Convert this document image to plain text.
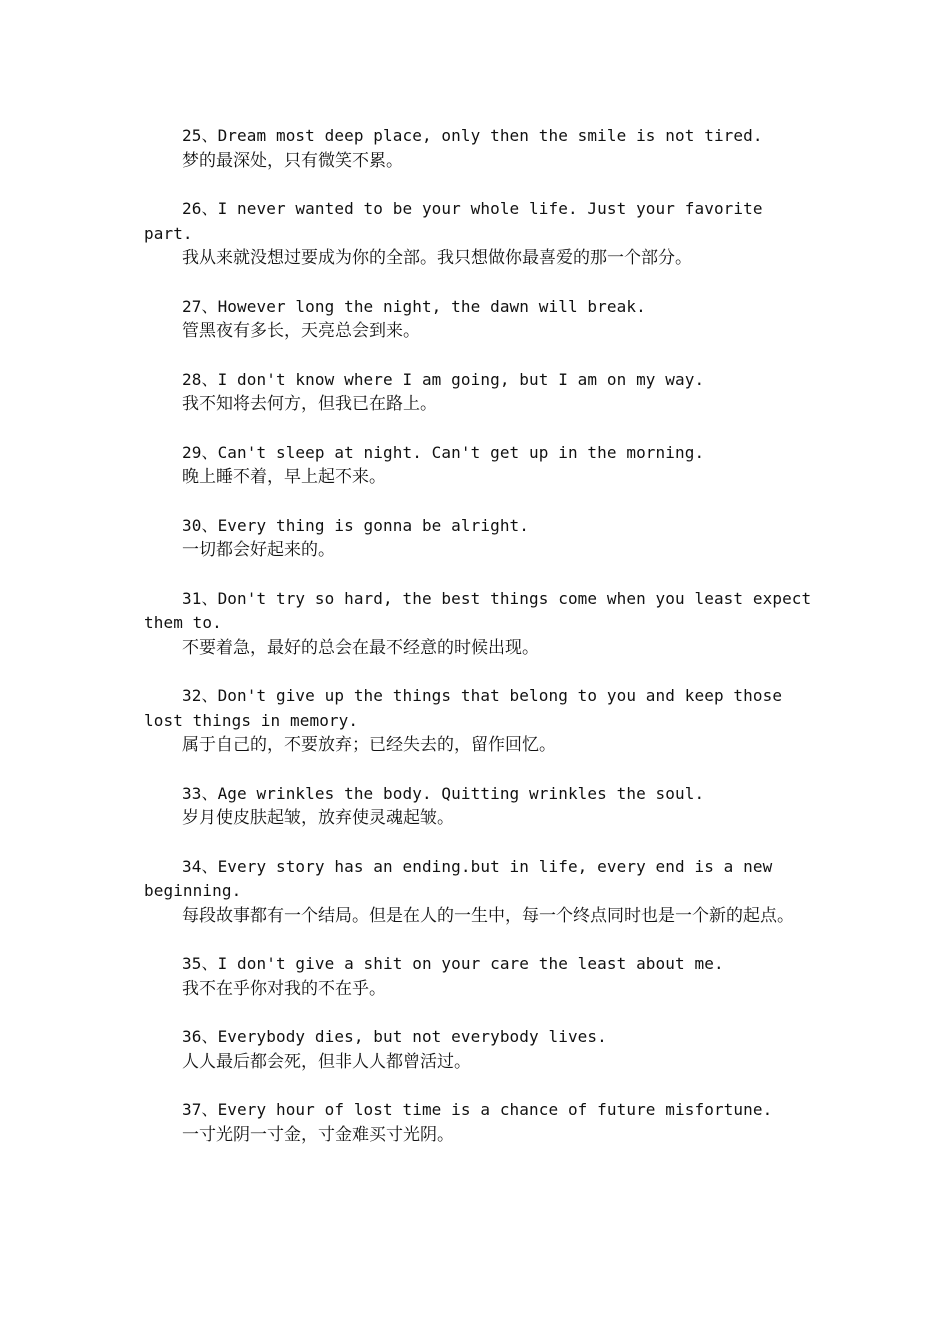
25、Dream most deep place, only then the smile is not tired.

梦的最深处，只有微笑不累。

26、I never wanted to be your whole life. Just your favorite part.

我从来就没想过要成为你的全部。我只想做你最喜爱的那一个部分。

27、However long the night, the dawn will break.

管黑夜有多长，天亮总会到来。

28、I don't know where I am going, but I am on my way.

我不知将去何方，但我已在路上。

29、Can't sleep at night. Can't get up in the morning.

晚上睡不着，早上起不来。

30、Every thing is gonna be alright.

一切都会好起来的。

31、Don't try so hard, the best things come when you least expect them to.

不要着急，最好的总会在最不经意的时候出现。

32、Don't give up the things that belong to you and keep those lost things in memory.

属于自己的，不要放弃；已经失去的，留作回忆。

33、Age wrinkles the body. Quitting wrinkles the soul.

岁月使皮肤起皱，放弃使灵魂起皱。

34、Every story has an ending.but in life, every end is a new beginning.

每段故事都有一个结局。但是在人的一生中，每一个终点同时也是一个新的起点。

35、I don't give a shit on your care the least about me.

我不在乎你对我的不在乎。

36、Everybody dies, but not everybody lives.

人人最后都会死，但非人人都曾活过。

37、Every hour of lost time is a chance of future misfortune.

一寸光阴一寸金，寸金难买寸光阴。
